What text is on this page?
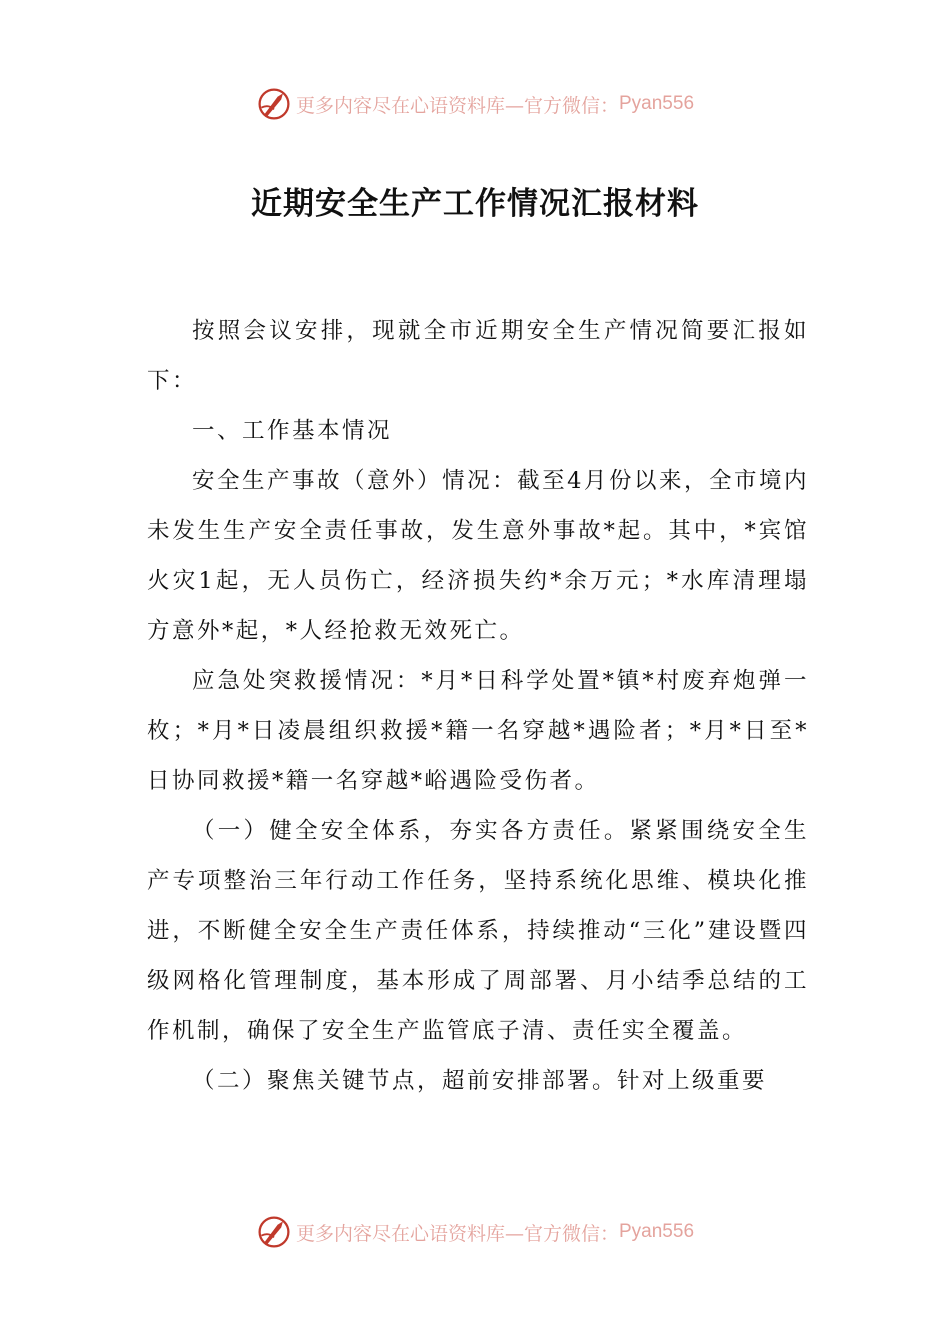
更多内容尽在心语资料库—官方微信： Pyan556
近期安全生产工作情况汇报材料

按照会议安排，现就全市近期安全生产情况简要汇报如下：

一、工作基本情况

安全生产事故（意外）情况：截至4月份以来，全市境内未发生生产安全责任事故，发生意外事故*起。其中，*宾馆火灾1起，无人员伤亡，经济损失约*余万元；*水库清理塌方意外*起，*人经抢救无效死亡。

应急处突救援情况：*月*日科学处置*镇*村废弃炮弹一枚；*月*日凌晨组织救援*籍一名穿越*遇险者；*月*日至*日协同救援*籍一名穿越*峪遇险受伤者。

（一）健全安全体系，夯实各方责任。紧紧围绕安全生产专项整治三年行动工作任务，坚持系统化思维、模块化推进，不断健全安全生产责任体系，持续推动“三化”建设暨四级网格化管理制度，基本形成了周部署、月小结季总结的工作机制，确保了安全生产监管底子清、责任实全覆盖。

（二）聚焦关键节点，超前安排部署。针对上级重要

更多内容尽在心语资料库—官方微信： Pyan556
